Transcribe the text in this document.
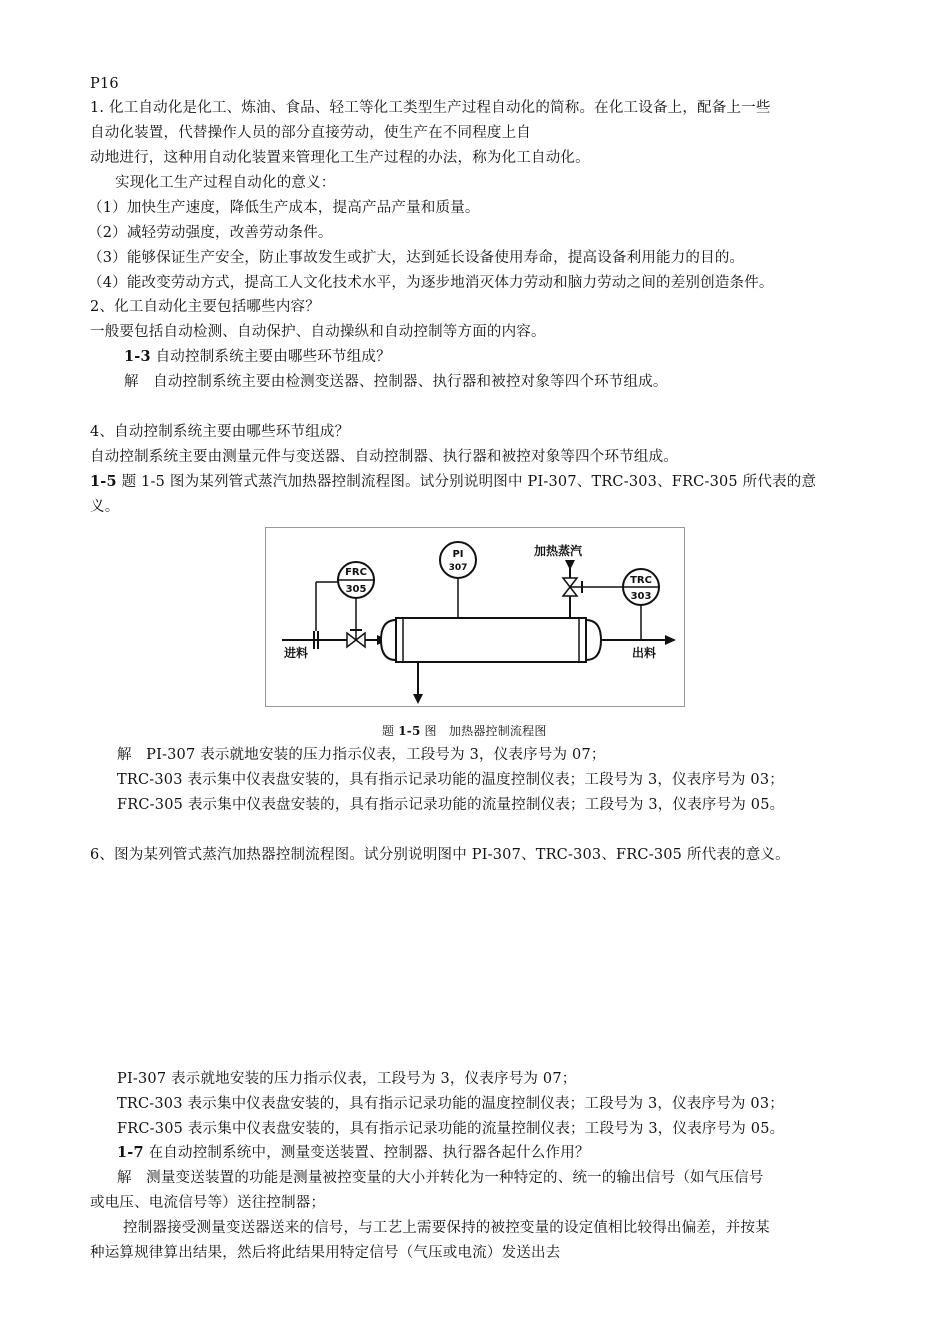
P16
1. 化工自动化是化工、炼油、食品、轻工等化工类型生产过程自动化的简称。在化工设备上，配备上一些
自动化装置，代替操作人员的部分直接劳动，使生产在不同程度上自
动地进行，这种用自动化装置来管理化工生产过程的办法，称为化工自动化。
实现化工生产过程自动化的意义：
（1）加快生产速度，降低生产成本，提高产品产量和质量。
（2）减轻劳动强度，改善劳动条件。
（3）能够保证生产安全，防止事故发生或扩大，达到延长设备使用寿命，提高设备利用能力的目的。
（4）能改变劳动方式，提高工人文化技术水平，为逐步地消灭体力劳动和脑力劳动之间的差别创造条件。
2、化工自动化主要包括哪些内容？
一般要包括自动检测、自动保护、自动操纵和自动控制等方面的内容。
1-3 自动控制系统主要由哪些环节组成？
解 自动控制系统主要由检测变送器、控制器、执行器和被控对象等四个环节组成。
4、自动控制系统主要由哪些环节组成？
自动控制系统主要由测量元件与变送器、自动控制器、执行器和被控对象等四个环节组成。
1-5 题 1-5 图为某列管式蒸汽加热器控制流程图。试分别说明图中 PI-307、TRC-303、FRC-305 所代表的意
义。
FRC
305
PI
307
加热蒸汽
TRC
303
进料	出料
题 1-5 图　加热器控制流程图
解 PI-307 表示就地安装的压力指示仪表，工段号为 3，仪表序号为 07；
TRC-303 表示集中仪表盘安装的，具有指示记录功能的温度控制仪表；工段号为 3，仪表序号为 03；
FRC-305 表示集中仪表盘安装的，具有指示记录功能的流量控制仪表；工段号为 3，仪表序号为 05。
6、图为某列管式蒸汽加热器控制流程图。试分别说明图中 PI-307、TRC-303、FRC-305 所代表的意义。
PI-307 表示就地安装的压力指示仪表，工段号为 3，仪表序号为 07；
TRC-303 表示集中仪表盘安装的，具有指示记录功能的温度控制仪表；工段号为 3，仪表序号为 03；
FRC-305 表示集中仪表盘安装的，具有指示记录功能的流量控制仪表；工段号为 3，仪表序号为 05。
1-7 在自动控制系统中，测量变送装置、控制器、执行器各起什么作用？
解 测量变送装置的功能是测量被控变量的大小并转化为一种特定的、统一的输出信号（如气压信号
或电压、电流信号等）送往控制器；
控制器接受测量变送器送来的信号，与工艺上需要保持的被控变量的设定值相比较得出偏差，并按某
种运算规律算出结果，然后将此结果用特定信号（气压或电流）发送出去
